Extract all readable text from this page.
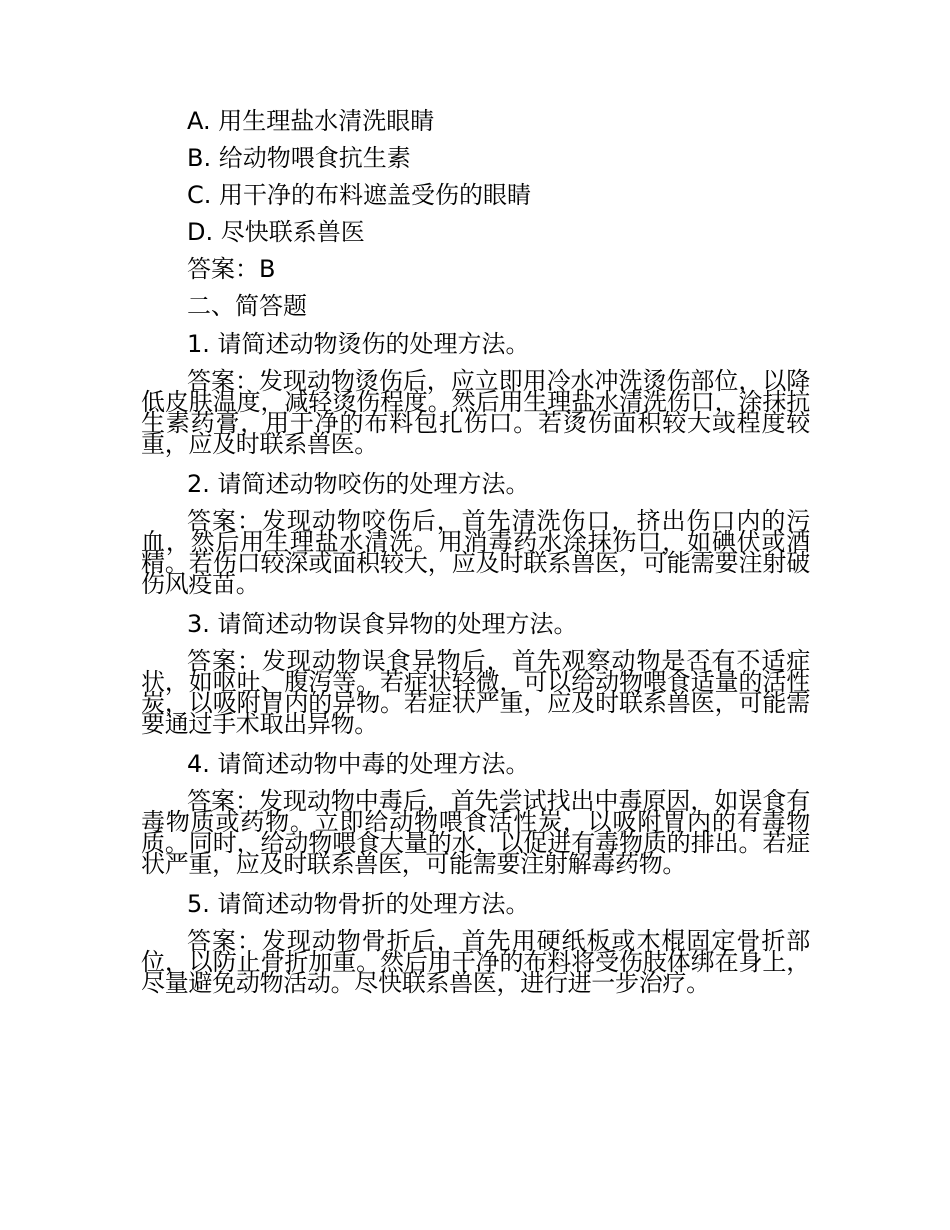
A. 用生理盐水清洗眼睛
B. 给动物喂食抗生素
C. 用干净的布料遮盖受伤的眼睛
D. 尽快联系兽医
答案：B
二、简答题
1. 请简述动物烫伤的处理方法。
答案：发现动物烫伤后，应立即用冷水冲洗烫伤部位，以降低皮肤温度，减轻烫伤程度。然后用生理盐水清洗伤口，涂抹抗生素药膏，用干净的布料包扎伤口。若烫伤面积较大或程度较重，应及时联系兽医。
2. 请简述动物咬伤的处理方法。
答案：发现动物咬伤后，首先清洗伤口，挤出伤口内的污血，然后用生理盐水清洗。用消毒药水涂抹伤口，如碘伏或酒精。若伤口较深或面积较大，应及时联系兽医，可能需要注射破伤风疫苗。
3. 请简述动物误食异物的处理方法。
答案：发现动物误食异物后，首先观察动物是否有不适症状，如呕吐、腹泻等。若症状轻微，可以给动物喂食适量的活性炭，以吸附胃内的异物。若症状严重，应及时联系兽医，可能需要通过手术取出异物。
4. 请简述动物中毒的处理方法。
答案：发现动物中毒后，首先尝试找出中毒原因，如误食有毒物质或药物。立即给动物喂食活性炭，以吸附胃内的有毒物质。同时，给动物喂食大量的水，以促进有毒物质的排出。若症状严重，应及时联系兽医，可能需要注射解毒药物。
5. 请简述动物骨折的处理方法。
答案：发现动物骨折后，首先用硬纸板或木棍固定骨折部位，以防止骨折加重。然后用干净的布料将受伤肢体绑在身上，尽量避免动物活动。尽快联系兽医，进行进一步治疗。
